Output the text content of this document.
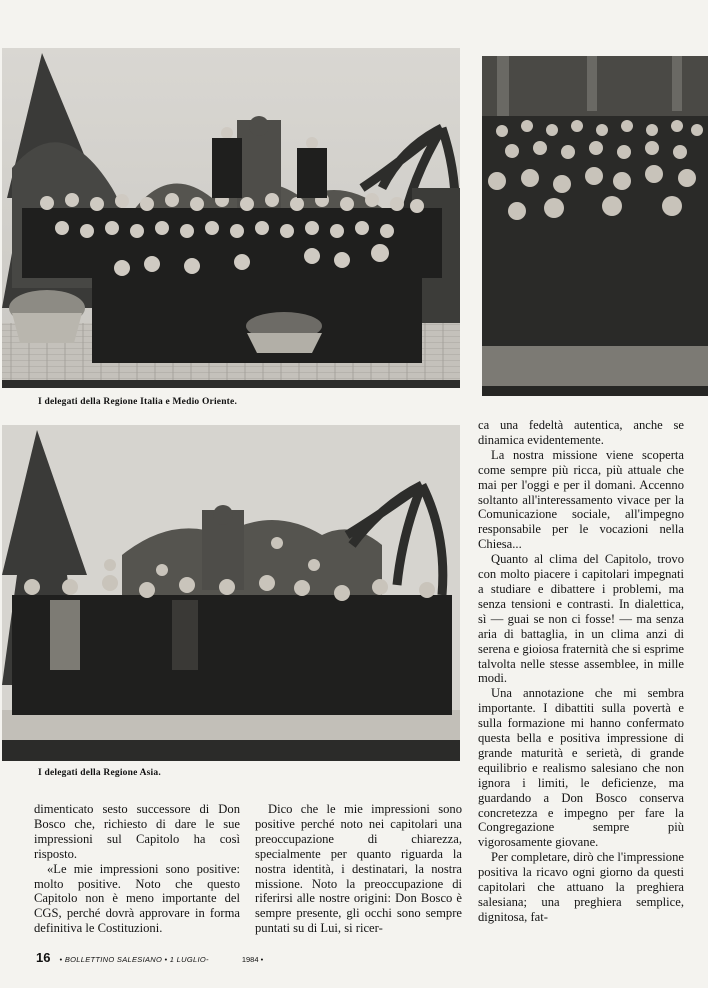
I delegati della Regione Italia e Medio Oriente.
I delegati della Regione Asia.

dimenticato sesto successore di Don Bosco che, richiesto di dare le sue impressioni sul Capitolo ha così risposto.

«Le mie impressioni sono positive: molto positive. Noto che questo Capitolo non è meno importante del CGS, perché dovrà approvare in forma definitiva le Costituzioni.

Dico che le mie impressioni sono positive perché noto nei capitolari una preoccupazione di chiarezza, specialmente per quanto riguarda la nostra identità, i destinatari, la nostra missione. Noto la preoccupazione di riferirsi alle nostre origini: Don Bosco è sempre presente, gli occhi sono sempre puntati su di Lui, si ricer-

ca una fedeltà autentica, anche se dinamica evidentemente.

La nostra missione viene scoperta come sempre più ricca, più attuale che mai per l'oggi e per il domani. Accenno soltanto all'interessamento vivace per la Comunicazione sociale, all'impegno responsabile per le vocazioni nella Chiesa...

Quanto al clima del Capitolo, trovo con molto piacere i capitolari impegnati a studiare e dibattere i problemi, ma senza tensioni e contrasti. In dialettica, sì — guai se non ci fosse! — ma senza aria di battaglia, in un clima anzi di serena e gioiosa fraternità che si esprime talvolta nelle stesse assemblee, in mille modi.

Una annotazione che mi sembra importante. I dibattiti sulla povertà e sulla formazione mi hanno confermato questa bella e positiva impressione di grande maturità e serietà, di grande equilibrio e realismo salesiano che non ignora i limiti, le deficienze, ma guardando a Don Bosco conserva concretezza e impegno per fare la Congregazione sempre più vigorosamente giovane.

Per completare, dirò che l'impressione positiva la ricavo ogni giorno da questi capitolari che attuano la preghiera salesiana; una preghiera semplice, dignitosa, fat-

16 • BOLLETTINO SALESIANO • 1 LUGLIO-	1984 •
